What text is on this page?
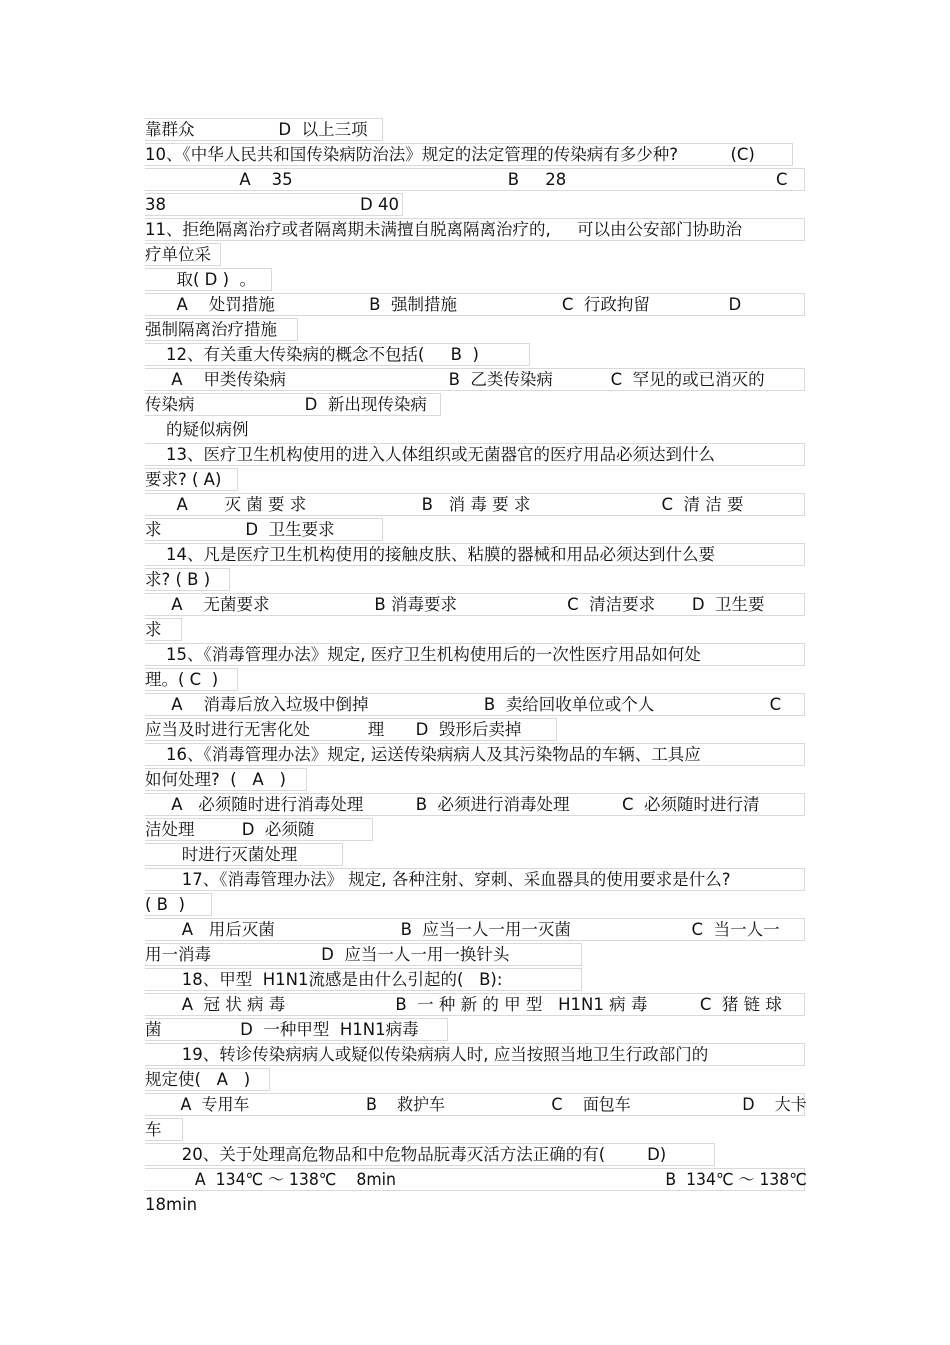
靠群众                D  以上三项
10、《中华人民共和国传染病防治法》规定的法定管理的传染病有多少种?          (C)
A    35                                         B     28                                        C
38                                     D 40
11、拒绝隔离治疗或者隔离期未满擅自脱离隔离治疗的,     可以由公安部门协助治
疗单位采
取( D )  。
A    处罚措施                  B  强制措施                    C  行政拘留               D
强制隔离治疗措施
12、有关重大传染病的概念不包括(     B  )
A    甲类传染病                               B  乙类传染病           C  罕见的或已消灭的
传染病                     D  新出现传染病
的疑似病例
13、医疗卫生机构使用的进入人体组织或无菌器官的医疗用品必须达到什么
要求? ( A)
A       灭 菌 要 求                      B   消 毒 要 求                         C  清 洁 要
求                D  卫生要求
14、凡是医疗卫生机构使用的接触皮肤、粘膜的器械和用品必须达到什么要
求? ( B )
A    无菌要求                    B 消毒要求                     C  清洁要求       D  卫生要
求
15、《消毒管理办法》规定, 医疗卫生机构使用后的一次性医疗用品如何处
理。( C  )
A    消毒后放入垃圾中倒掉                      B  卖给回收单位或个人                      C
应当及时进行无害化处           理      D  毁形后卖掉
16、《消毒管理办法》规定, 运送传染病病人及其污染物品的车辆、工具应
如何处理?  (   A   )
A   必须随时进行消毒处理          B  必须进行消毒处理          C  必须随时进行清
洁处理         D  必须随
时进行灭菌处理
17、《消毒管理办法》 规定, 各种注射、穿刺、采血器具的使用要求是什么?
( B  )
A   用后灭菌                        B  应当一人一用一灭菌                       C  当一人一
用一消毒                     D  应当一人一用一换针头
18、甲型  H1N1流感是由什么引起的(   B):
A  冠 状 病 毒                     B  一 种 新 的 甲 型   H1N1 病 毒          C  猪 链 球
菌               D  一种甲型  H1N1病毒
19、转诊传染病病人或疑似传染病病人时, 应当按照当地卫生行政部门的
规定使(   A   )
A  专用车                       B    救护车                     C    面包车                      D    大卡
车
20、关于处理高危物品和中危物品朊毒灭活方法正确的有(        D)
A  134℃ ～ 138℃    8min                                                      B  134℃ ～ 138℃
18min
